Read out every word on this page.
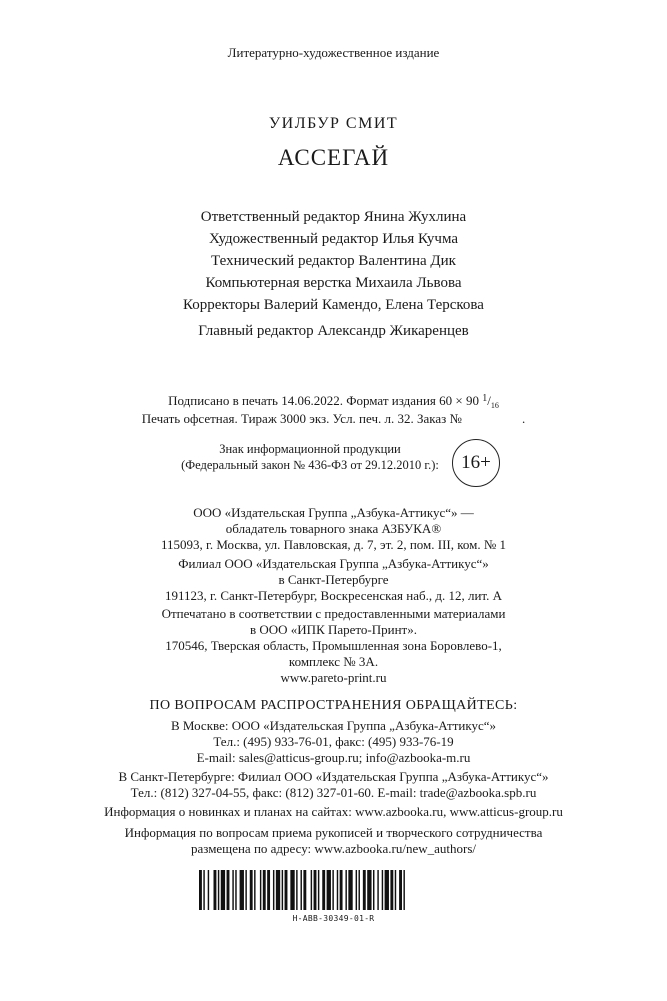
Литературно-художественное издание
УИЛБУР СМИТ
АССЕГАЙ
Ответственный редактор Янина Жухлина
Художественный редактор Илья Кучма
Технический редактор Валентина Дик
Компьютерная верстка Михаила Львова
Корректоры Валерий Камендо, Елена Терскова
Главный редактор Александр Жикаренцев
Подписано в печать 14.06.2022. Формат издания 60 × 90 $^1/_{16}$
Печать офсетная. Тираж 3000 экз. Усл. печ. л. 32. Заказ №	.
Знак информационной продукции
(Федеральный закон № 436-ФЗ от 29.12.2010 г.):	16+
ООО «Издательская Группа „Азбука-Аттикус“» —
обладатель товарного знака АЗБУКА®
115093, г. Москва, ул. Павловская, д. 7, эт. 2, пом. III, ком. № 1
Филиал ООО «Издательская Группа „Азбука-Аттикус“»
в Санкт-Петербурге
191123, г. Санкт-Петербург, Воскресенская наб., д. 12, лит. А
Отпечатано в соответствии с предоставленными материалами
в ООО «ИПК Парето-Принт».
170546, Тверская область, Промышленная зона Боровлево-1,
комплекс № 3А.
www.pareto-print.ru
ПО ВОПРОСАМ РАСПРОСТРАНЕНИЯ ОБРАЩАЙТЕСЬ:
В Москве: ООО «Издательская Группа „Азбука-Аттикус“»
Тел.: (495) 933-76-01, факс: (495) 933-76-19
E-mail: sales@atticus-group.ru; info@azbooka-m.ru
В Санкт-Петербурге: Филиал ООО «Издательская Группа „Азбука-Аттикус“»
Тел.: (812) 327-04-55, факс: (812) 327-01-60. E-mail: trade@azbooka.spb.ru
Информация о новинках и планах на сайтах: www.azbooka.ru, www.atticus-group.ru
Информация по вопросам приема рукописей и творческого сотрудничества
размещена по адресу: www.azbooka.ru/new_authors/
Н-АВВ-30349-01-R
